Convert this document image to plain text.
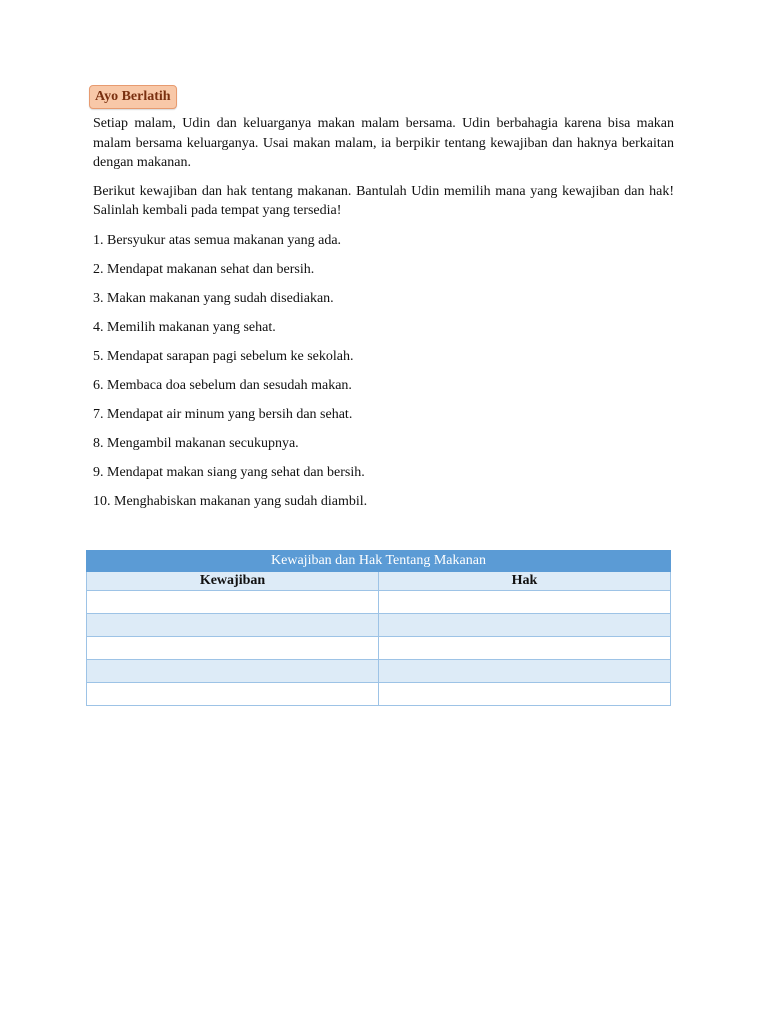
Ayo Berlatih

Setiap malam, Udin dan keluarganya makan malam bersama. Udin berbahagia karena bisa makan malam bersama keluarganya. Usai makan malam, ia berpikir tentang kewajiban dan haknya berkaitan dengan makanan.

Berikut kewajiban dan hak tentang makanan. Bantulah Udin memilih mana yang kewajiban dan hak! Salinlah kembali pada tempat yang tersedia!

1. Bersyukur atas semua makanan yang ada.
2. Mendapat makanan sehat dan bersih.
3. Makan makanan yang sudah disediakan.
4. Memilih makanan yang sehat.
5. Mendapat sarapan pagi sebelum ke sekolah.
6. Membaca doa sebelum dan sesudah makan.
7. Mendapat air minum yang bersih dan sehat.
8. Mengambil makanan secukupnya.
9. Mendapat makan siang yang sehat dan bersih.
10. Menghabiskan makanan yang sudah diambil.
Kewajiban dan Hak Tentang Makanan	
Kewajiban	Hak
